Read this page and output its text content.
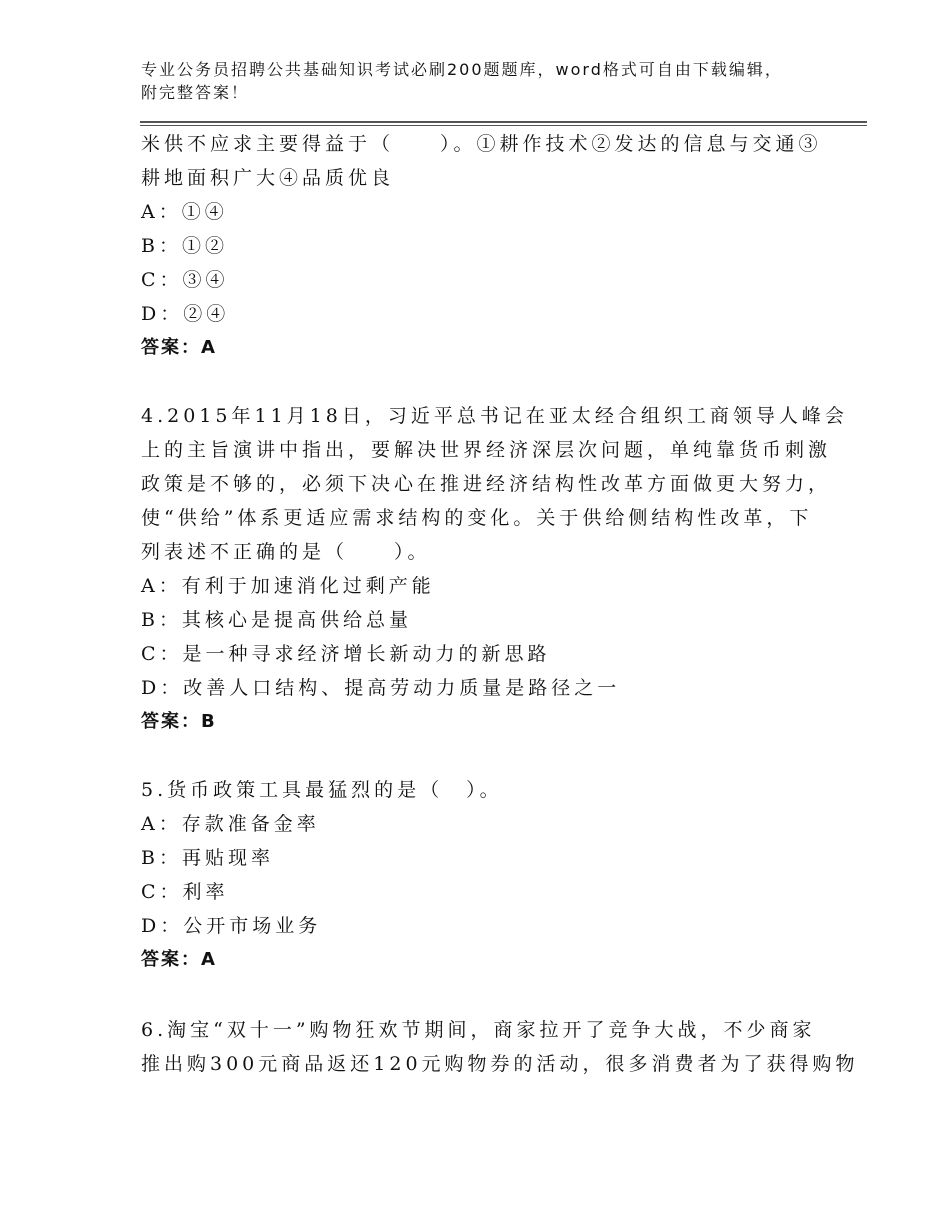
专业公务员招聘公共基础知识考试必刷200题题库，word格式可自由下载编辑，
附完整答案！
米供不应求主要得益于（　　）。①耕作技术②发达的信息与交通③
耕地面积广大④品质优良
A：①④
B：①②
C：③④
D：②④
答案：A
4.2015年11月18日，习近平总书记在亚太经合组织工商领导人峰会
上的主旨演讲中指出，要解决世界经济深层次问题，单纯靠货币刺激
政策是不够的，必须下决心在推进经济结构性改革方面做更大努力，
使“供给”体系更适应需求结构的变化。关于供给侧结构性改革，下
列表述不正确的是（　　）。
A：有利于加速消化过剩产能
B：其核心是提高供给总量
C：是一种寻求经济增长新动力的新思路
D：改善人口结构、提高劳动力质量是路径之一
答案：B
5.货币政策工具最猛烈的是（　）。
A：存款准备金率
B：再贴现率
C：利率
D：公开市场业务
答案：A
6.淘宝“双十一”购物狂欢节期间，商家拉开了竞争大战，不少商家
推出购300元商品返还120元购物券的活动，很多消费者为了获得购物
